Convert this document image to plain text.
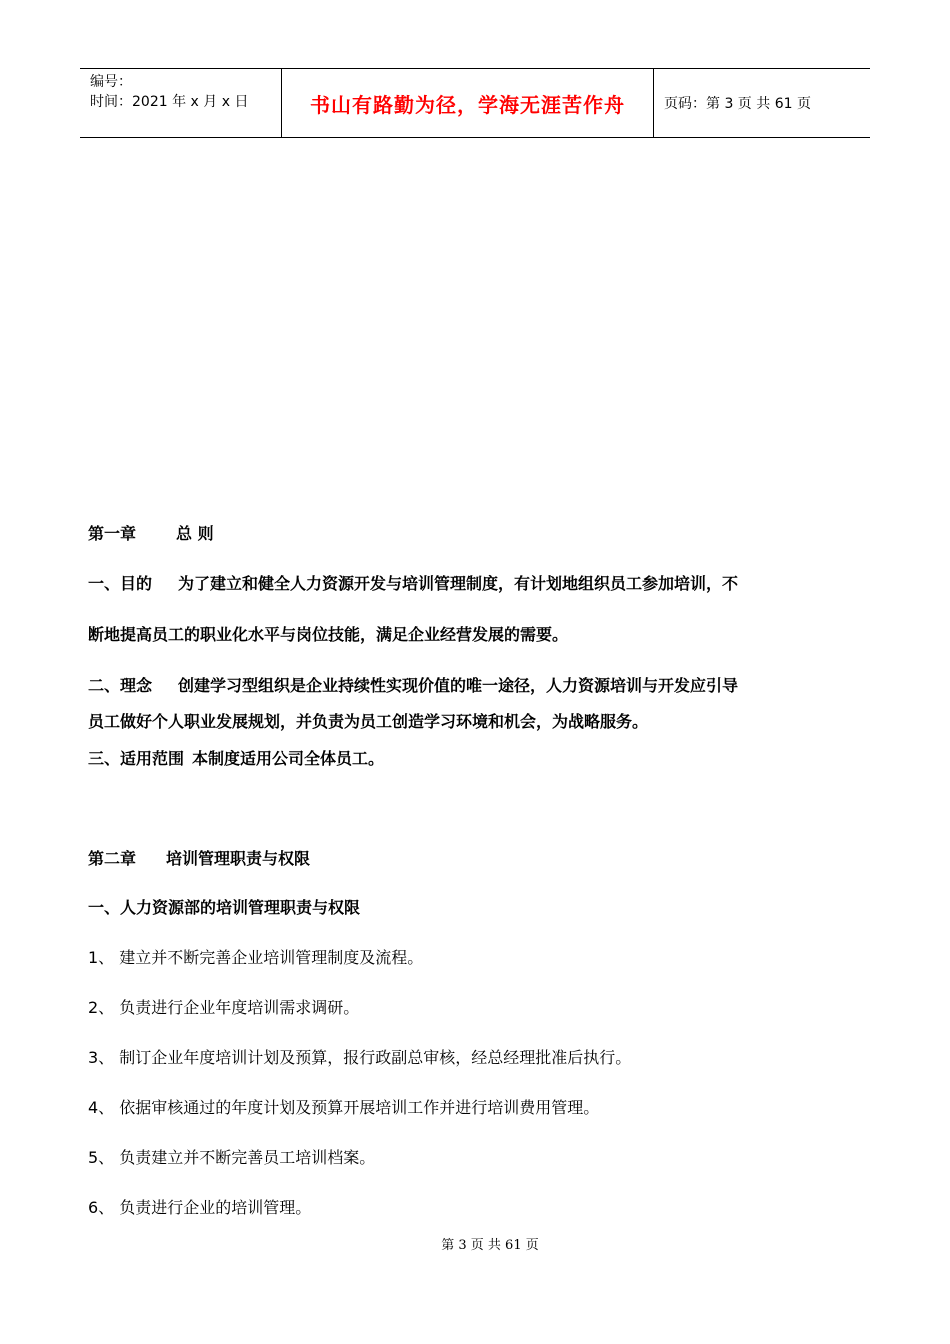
编号：
时间：2021 年 x 月 x 日	书山有路勤为径，学海无涯苦作舟	页码：第 3 页 共 61 页
第一章	总 则
一、目的 为了建立和健全人力资源开发与培训管理制度，有计划地组织员工参加培训，不
断地提高员工的职业化水平与岗位技能，满足企业经营发展的需要。
二、理念 创建学习型组织是企业持续性实现价值的唯一途径，人力资源培训与开发应引导
员工做好个人职业发展规划，并负责为员工创造学习环境和机会，为战略服务。
三、适用范围 本制度适用公司全体员工。
第二章 培训管理职责与权限
一、人力资源部的培训管理职责与权限
1、 建立并不断完善企业培训管理制度及流程。
2、 负责进行企业年度培训需求调研。
3、 制订企业年度培训计划及预算，报行政副总审核，经总经理批准后执行。
4、 依据审核通过的年度计划及预算开展培训工作并进行培训费用管理。
5、 负责建立并不断完善员工培训档案。
6、 负责进行企业的培训管理。
第 3 页 共 61 页
